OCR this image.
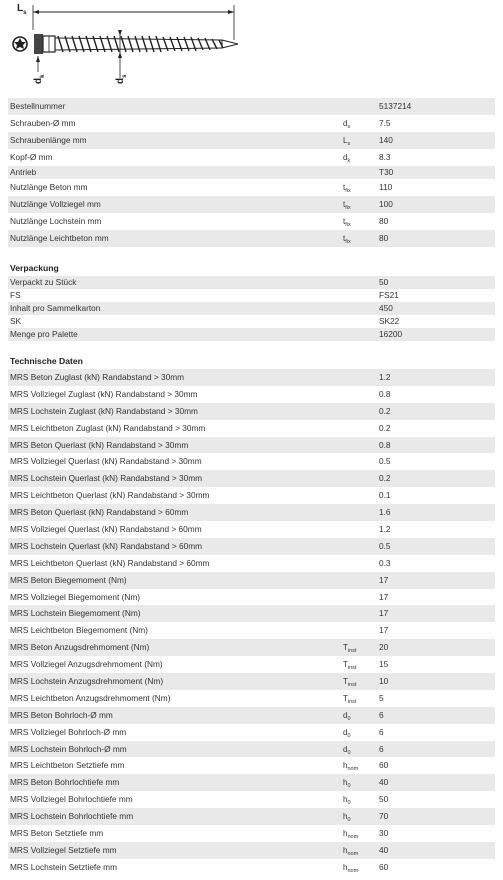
$L_s$
$d_k$
$d_s$
Bestellnummer	5137214
Schrauben-Ø mm	$d_s$	7.5
Schraubenlänge mm	$L_s$	140
Kopf-Ø mm	$d_k$	8.3
Antrieb	T30
Nutzlänge Beton mm	$t_{fix}$	110
Nutzlänge Vollziegel mm	$t_{fix}$	100
Nutzlänge Lochstein mm	$t_{fix}$	80
Nutzlänge Leichtbeton mm	$t_{fix}$	80
Verpackung
Verpackt zu Stück	50
FS	FS21
Inhalt pro Sammelkarton	450
SK	SK22
Menge pro Palette	16200
Technische Daten
MRS Beton Zuglast (kN) Randabstand > 30mm	1.2
MRS Vollziegel Zuglast (kN) Randabstand > 30mm	0.8
MRS Lochstein Zuglast (kN) Randabstand > 30mm	0.2
MRS Leichtbeton Zuglast (kN) Randabstand > 30mm	0.2
MRS Beton Querlast (kN) Randabstand > 30mm	0.8
MRS Vollziegel Querlast (kN) Randabstand > 30mm	0.5
MRS Lochstein Querlast (kN) Randabstand > 30mm	0.2
MRS Leichtbeton Querlast (kN) Randabstand > 30mm	0.1
MRS Beton Querlast (kN) Randabstand > 60mm	1.6
MRS Vollziegel Querlast (kN) Randabstand > 60mm	1.2
MRS Lochstein Querlast (kN) Randabstand > 60mm	0.5
MRS Leichtbeton Querlast (kN) Randabstand > 60mm	0.3
MRS Beton Biegemoment (Nm)	17
MRS Vollziegel Biegemoment (Nm)	17
MRS Lochstein Biegemoment (Nm)	17
MRS Leichtbeton Biegemoment (Nm)	17
MRS Beton Anzugsdrehmoment (Nm)	$T_{inst}$	20
MRS Vollziegel Anzugsdrehmoment (Nm)	$T_{inst}$	15
MRS Lochstein Anzugsdrehmoment (Nm)	$T_{inst}$	10
MRS Leichtbeton Anzugsdrehmoment (Nm)	$T_{inst}$	5
MRS Beton Bohrloch-Ø mm	$d_0$	6
MRS Vollziegel Bohrloch-Ø mm	$d_0$	6
MRS Lochstein Bohrloch-Ø mm	$d_0$	6
MRS Leichtbeton Setztiefe mm	$h_{nom}$	60
MRS Beton Bohrlochtiefe mm	$h_0$	40
MRS Vollziegel Bohrlochtiefe mm	$h_0$	50
MRS Lochstein Bohrlochtiefe mm	$h_0$	70
MRS Beton Setztiefe mm	$h_{nom}$	30
MRS Vollziegel Setztiefe mm	$h_{nom}$	40
MRS Lochstein Setztiefe mm	$h_{nom}$	60
